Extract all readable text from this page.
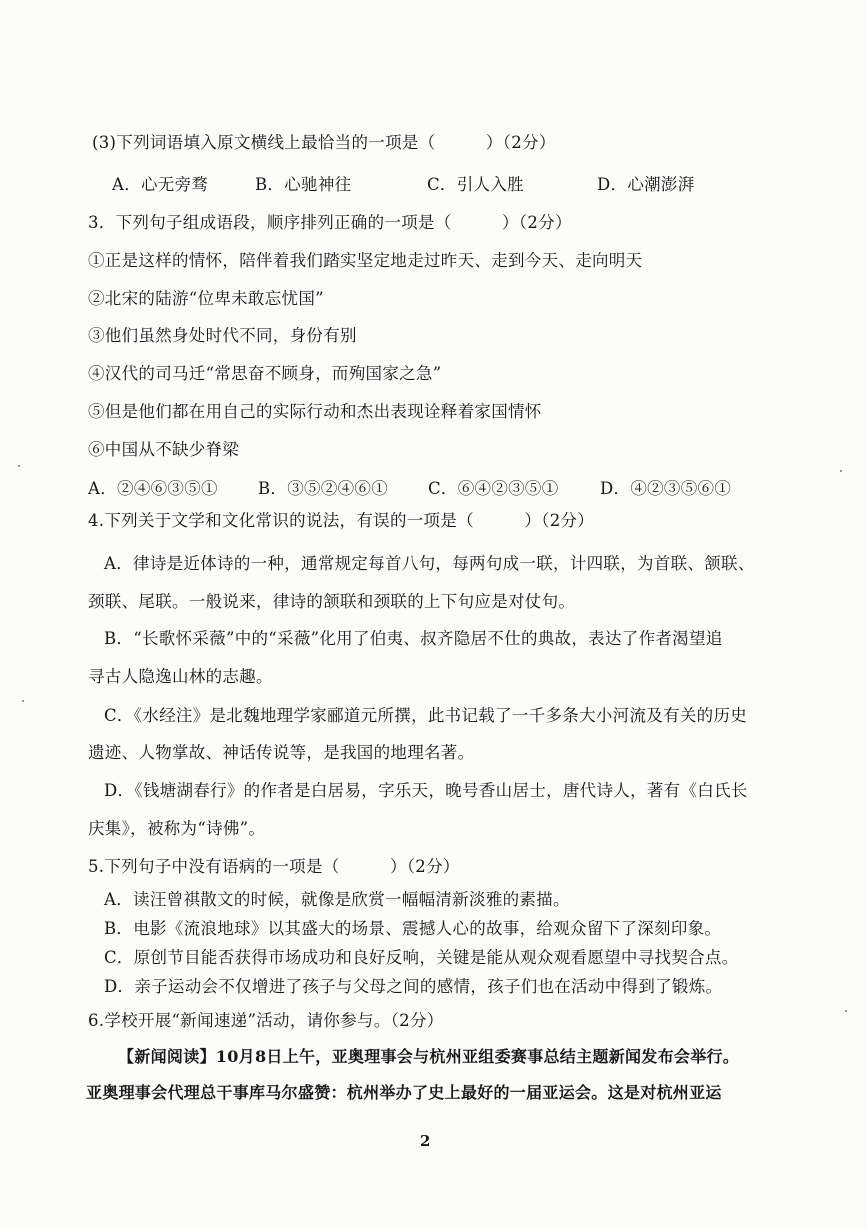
(3)下列词语填入原文横线上最恰当的一项是（　　　）（2分）
A．心无旁骛	B．心驰神往	C．引人入胜	D．心潮澎湃
3．下列句子组成语段，顺序排列正确的一项是（　　　）（2分）
①正是这样的情怀，陪伴着我们踏实坚定地走过昨天、走到今天、走向明天
②北宋的陆游“位卑未敢忘忧国”
③他们虽然身处时代不同，身份有别
④汉代的司马迁“常思奋不顾身，而殉国家之急”
⑤但是他们都在用自己的实际行动和杰出表现诠释着家国情怀
⑥中国从不缺少脊梁
A．②④⑥③⑤①	B．③⑤②④⑥①	C．⑥④②③⑤①	D．④②③⑤⑥①
4.下列关于文学和文化常识的说法，有误的一项是（　　　）（2分）
A．律诗是近体诗的一种，通常规定每首八句，每两句成一联，计四联，为首联、颔联、
颈联、尾联。一般说来，律诗的颔联和颈联的上下句应是对仗句。
B．“长歌怀采薇”中的“采薇”化用了伯夷、叔齐隐居不仕的典故，表达了作者渴望追
寻古人隐逸山林的志趣。
C．《水经注》是北魏地理学家郦道元所撰，此书记载了一千多条大小河流及有关的历史
遗迹、人物掌故、神话传说等，是我国的地理名著。
D．《钱塘湖春行》的作者是白居易，字乐天，晚号香山居士，唐代诗人，著有《白氏长
庆集》，被称为“诗佛”。
5.下列句子中没有语病的一项是（　　　）（2分）
A．读汪曾祺散文的时候，就像是欣赏一幅幅清新淡雅的素描。
B．电影《流浪地球》以其盛大的场景、震撼人心的故事，给观众留下了深刻印象。
C．原创节目能否获得市场成功和良好反响，关键是能从观众观看愿望中寻找契合点。
D．亲子运动会不仅增进了孩子与父母之间的感情，孩子们也在活动中得到了锻炼。
6.学校开展“新闻速递”活动，请你参与。（2分）
【新闻阅读】10月8日上午，亚奥理事会与杭州亚组委赛事总结主题新闻发布会举行。
亚奥理事会代理总干事库马尔盛赞：杭州举办了史上最好的一届亚运会。这是对杭州亚运
2
